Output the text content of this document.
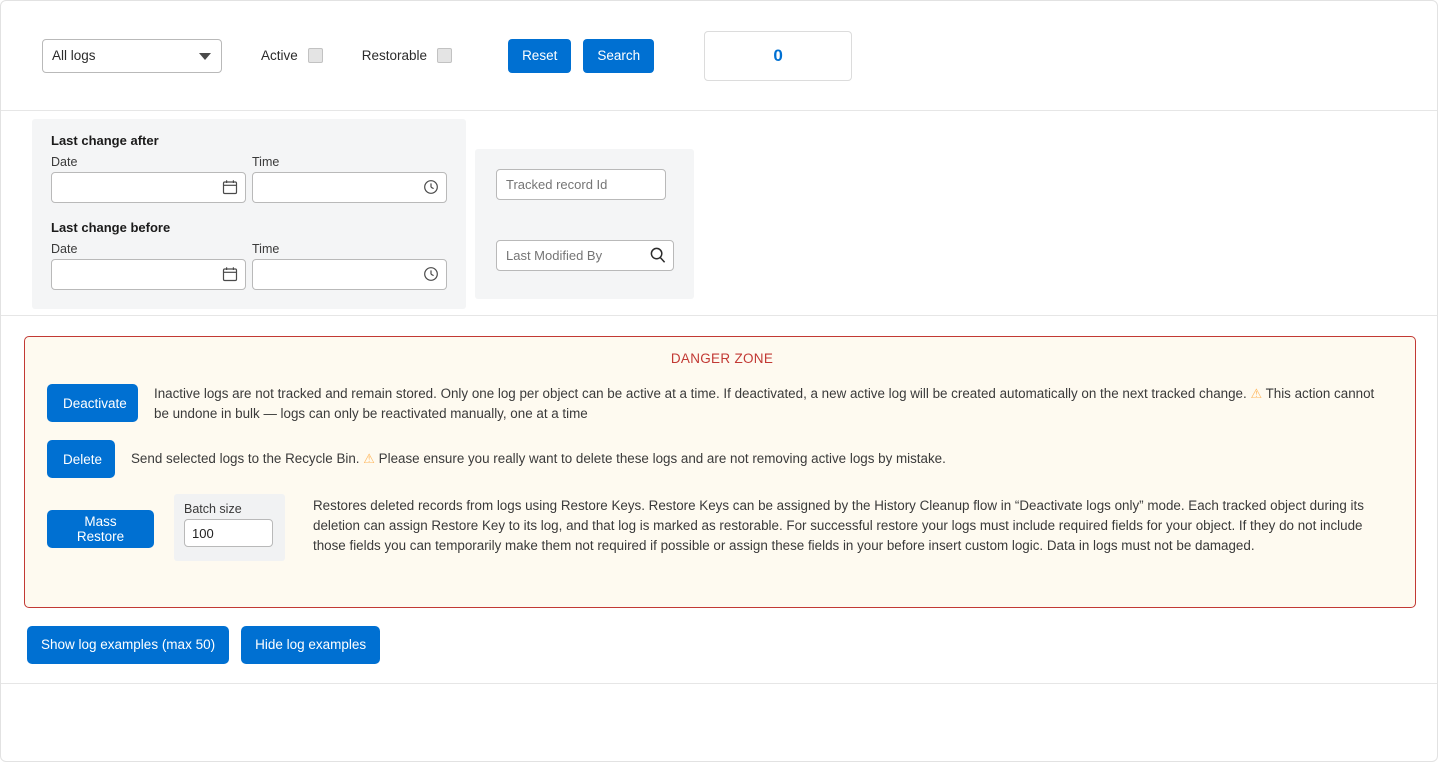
All logs
Active	Restorable	Reset	Search	0
Last change after
Date	Time
Last change before
Date	Time
Tracked record Id
Last Modified By
DANGER ZONE
Deactivate
Inactive logs are not tracked and remain stored. Only one log per object can be active at a time. If deactivated, a new active log will be created automatically on the next tracked change. ⚠ This action cannot be undone in bulk — logs can only be reactivated manually, one at a time
Delete	Send selected logs to the Recycle Bin. ⚠ Please ensure you really want to delete these logs and are not removing active logs by mistake.
Mass Restore
Batch size
100	Restores deleted records from logs using Restore Keys. Restore Keys can be assigned by the History Cleanup flow in “Deactivate logs only” mode. Each tracked object during its deletion can assign Restore Key to its log, and that log is marked as restorable. For successful restore your logs must include required fields for your object. If they do not include those fields you can temporarily make them not required if possible or assign these fields in your before insert custom logic. Data in logs must not be damaged.
Show log examples (max 50)	Hide log examples
